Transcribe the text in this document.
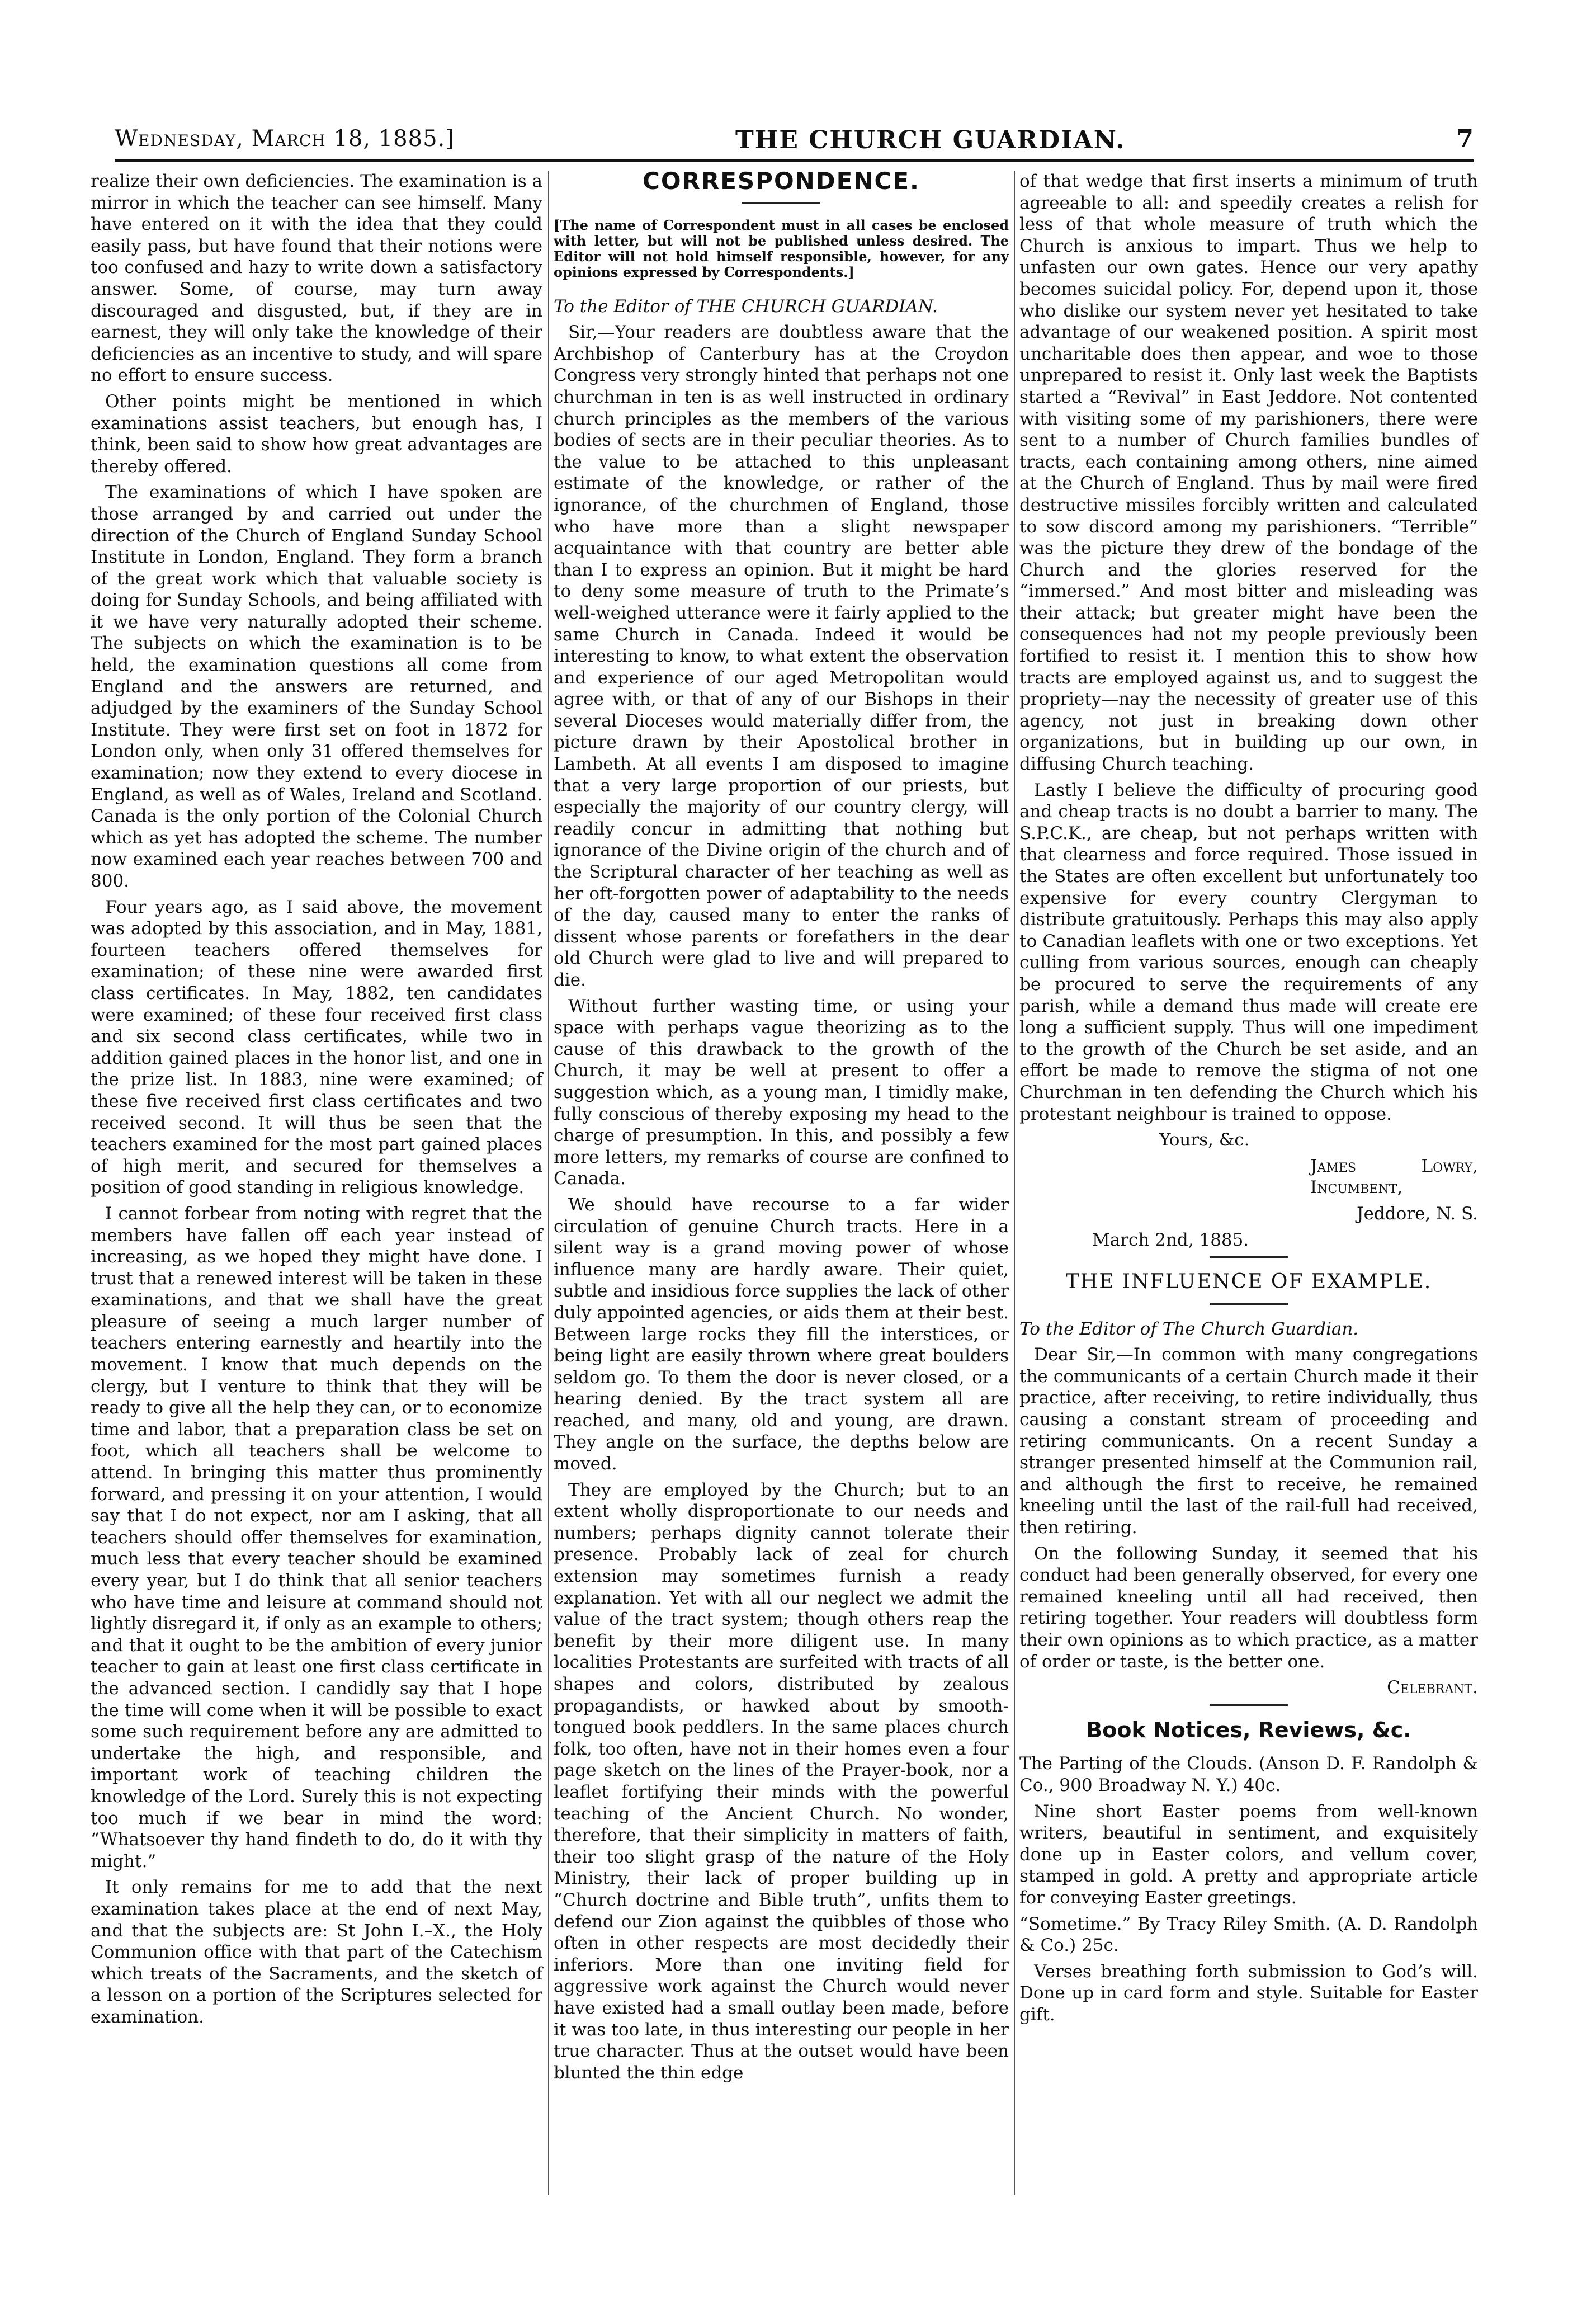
Wednesday, March 18, 1885.]	THE CHURCH GUARDIAN.	7

realize their own deficiencies. The examination is a mirror in which the teacher can see himself. Many have entered on it with the idea that they could easily pass, but have found that their notions were too confused and hazy to write down a satisfactory answer. Some, of course, may turn away discouraged and disgusted, but, if they are in earnest, they will only take the knowledge of their deficiencies as an incentive to study, and will spare no effort to ensure success.

Other points might be mentioned in which examinations assist teachers, but enough has, I think, been said to show how great advantages are thereby offered.

The examinations of which I have spoken are those arranged by and carried out under the direction of the Church of England Sunday School Institute in London, England. They form a branch of the great work which that valuable society is doing for Sunday Schools, and being affiliated with it we have very naturally adopted their scheme. The subjects on which the examination is to be held, the examination questions all come from England and the answers are returned, and adjudged by the examiners of the Sunday School Institute. They were first set on foot in 1872 for London only, when only 31 offered themselves for examination; now they extend to every diocese in England, as well as of Wales, Ireland and Scotland. Canada is the only portion of the Colonial Church which as yet has adopted the scheme. The number now examined each year reaches between 700 and 800.

Four years ago, as I said above, the movement was adopted by this association, and in May, 1881, fourteen teachers offered themselves for examination; of these nine were awarded first class certificates. In May, 1882, ten candidates were examined; of these four received first class and six second class certificates, while two in addition gained places in the honor list, and one in the prize list. In 1883, nine were examined; of these five received first class certificates and two received second. It will thus be seen that the teachers examined for the most part gained places of high merit, and secured for themselves a position of good standing in religious knowledge.

I cannot forbear from noting with regret that the members have fallen off each year instead of increasing, as we hoped they might have done. I trust that a renewed interest will be taken in these examinations, and that we shall have the great pleasure of seeing a much larger number of teachers entering earnestly and heartily into the movement. I know that much depends on the clergy, but I venture to think that they will be ready to give all the help they can, or to economize time and labor, that a preparation class be set on foot, which all teachers shall be welcome to attend. In bringing this matter thus prominently forward, and pressing it on your attention, I would say that I do not expect, nor am I asking, that all teachers should offer themselves for examination, much less that every teacher should be examined every year, but I do think that all senior teachers who have time and leisure at command should not lightly disregard it, if only as an example to others; and that it ought to be the ambition of every junior teacher to gain at least one first class certificate in the advanced section. I candidly say that I hope the time will come when it will be possible to exact some such requirement before any are admitted to undertake the high, and responsible, and important work of teaching children the knowledge of the Lord. Surely this is not expecting too much if we bear in mind the word: “Whatsoever thy hand findeth to do, do it with thy might.”

It only remains for me to add that the next examination takes place at the end of next May, and that the subjects are: St John I.–X., the Holy Communion office with that part of the Catechism which treats of the Sacraments, and the sketch of a lesson on a portion of the Scriptures selected for examination.

CORRESPONDENCE.
[The name of Correspondent must in all cases be enclosed with letter, but will not be published unless desired. The Editor will not hold himself responsible, however, for any opinions expressed by Correspondents.]

To the Editor of THE CHURCH GUARDIAN.

Sir,—Your readers are doubtless aware that the Archbishop of Canterbury has at the Croydon Congress very strongly hinted that perhaps not one churchman in ten is as well instructed in ordinary church principles as the members of the various bodies of sects are in their peculiar theories. As to the value to be attached to this unpleasant estimate of the knowledge, or rather of the ignorance, of the churchmen of England, those who have more than a slight newspaper acquaintance with that country are better able than I to express an opinion. But it might be hard to deny some measure of truth to the Primate’s well-weighed utterance were it fairly applied to the same Church in Canada. Indeed it would be interesting to know, to what extent the observation and experience of our aged Metropolitan would agree with, or that of any of our Bishops in their several Dioceses would materially differ from, the picture drawn by their Apostolical brother in Lambeth. At all events I am disposed to imagine that a very large proportion of our priests, but especially the majority of our country clergy, will readily concur in admitting that nothing but ignorance of the Divine origin of the church and of the Scriptural character of her teaching as well as her oft-forgotten power of adaptability to the needs of the day, caused many to enter the ranks of dissent whose parents or forefathers in the dear old Church were glad to live and will prepared to die.

Without further wasting time, or using your space with perhaps vague theorizing as to the cause of this drawback to the growth of the Church, it may be well at present to offer a suggestion which, as a young man, I timidly make, fully conscious of thereby exposing my head to the charge of presumption. In this, and possibly a few more letters, my remarks of course are confined to Canada.

We should have recourse to a far wider circulation of genuine Church tracts. Here in a silent way is a grand moving power of whose influence many are hardly aware. Their quiet, subtle and insidious force supplies the lack of other duly appointed agencies, or aids them at their best. Between large rocks they fill the interstices, or being light are easily thrown where great boulders seldom go. To them the door is never closed, or a hearing denied. By the tract system all are reached, and many, old and young, are drawn. They angle on the surface, the depths below are moved.

They are employed by the Church; but to an extent wholly disproportionate to our needs and numbers; perhaps dignity cannot tolerate their presence. Probably lack of zeal for church extension may sometimes furnish a ready explanation. Yet with all our neglect we admit the value of the tract system; though others reap the benefit by their more diligent use. In many localities Protestants are surfeited with tracts of all shapes and colors, distributed by zealous propagandists, or hawked about by smooth-tongued book peddlers. In the same places church folk, too often, have not in their homes even a four page sketch on the lines of the Prayer-book, nor a leaflet fortifying their minds with the powerful teaching of the Ancient Church. No wonder, therefore, that their simplicity in matters of faith, their too slight grasp of the nature of the Holy Ministry, their lack of proper building up in “Church doctrine and Bible truth”, unfits them to defend our Zion against the quibbles of those who often in other respects are most decidedly their inferiors. More than one inviting field for aggressive work against the Church would never have existed had a small outlay been made, before it was too late, in thus interesting our people in her true character. Thus at the outset would have been blunted the thin edge

of that wedge that first inserts a minimum of truth agreeable to all: and speedily creates a relish for less of that whole measure of truth which the Church is anxious to impart. Thus we help to unfasten our own gates. Hence our very apathy becomes suicidal policy. For, depend upon it, those who dislike our system never yet hesitated to take advantage of our weakened position. A spirit most uncharitable does then appear, and woe to those unprepared to resist it. Only last week the Baptists started a “Revival” in East Jeddore. Not contented with visiting some of my parishioners, there were sent to a number of Church families bundles of tracts, each containing among others, nine aimed at the Church of England. Thus by mail were fired destructive missiles forcibly written and calculated to sow discord among my parishioners. “Terrible” was the picture they drew of the bondage of the Church and the glories reserved for the “immersed.” And most bitter and misleading was their attack; but greater might have been the consequences had not my people previously been fortified to resist it. I mention this to show how tracts are employed against us, and to suggest the propriety—nay the necessity of greater use of this agency, not just in breaking down other organizations, but in building up our own, in diffusing Church teaching.

Lastly I believe the difficulty of procuring good and cheap tracts is no doubt a barrier to many. The S.P.C.K., are cheap, but not perhaps written with that clearness and force required. Those issued in the States are often excellent but unfortunately too expensive for every country Clergyman to distribute gratuitously. Perhaps this may also apply to Canadian leaflets with one or two exceptions. Yet culling from various sources, enough can cheaply be procured to serve the requirements of any parish, while a demand thus made will create ere long a sufficient supply. Thus will one impediment to the growth of the Church be set aside, and an effort be made to remove the stigma of not one Churchman in ten defending the Church which his protestant neighbour is trained to oppose.

Yours, &c.

James Lowry, Incumbent,

Jeddore, N. S.

March 2nd, 1885.

THE INFLUENCE OF EXAMPLE.

To the Editor of The Church Guardian.

Dear Sir,—In common with many congregations the communicants of a certain Church made it their practice, after receiving, to retire individually, thus causing a constant stream of proceeding and retiring communicants. On a recent Sunday a stranger presented himself at the Communion rail, and although the first to receive, he remained kneeling until the last of the rail-full had received, then retiring.

On the following Sunday, it seemed that his conduct had been generally observed, for every one remained kneeling until all had received, then retiring together. Your readers will doubtless form their own opinions as to which practice, as a matter of order or taste, is the better one.

Celebrant.

Book Notices, Reviews, &c.

The Parting of the Clouds. (Anson D. F. Randolph & Co., 900 Broadway N. Y.) 40c.

Nine short Easter poems from well-known writers, beautiful in sentiment, and exquisitely done up in Easter colors, and vellum cover, stamped in gold. A pretty and appropriate article for conveying Easter greetings.

“Sometime.” By Tracy Riley Smith. (A. D. Randolph & Co.) 25c.

Verses breathing forth submission to God’s will. Done up in card form and style. Suitable for Easter gift.
